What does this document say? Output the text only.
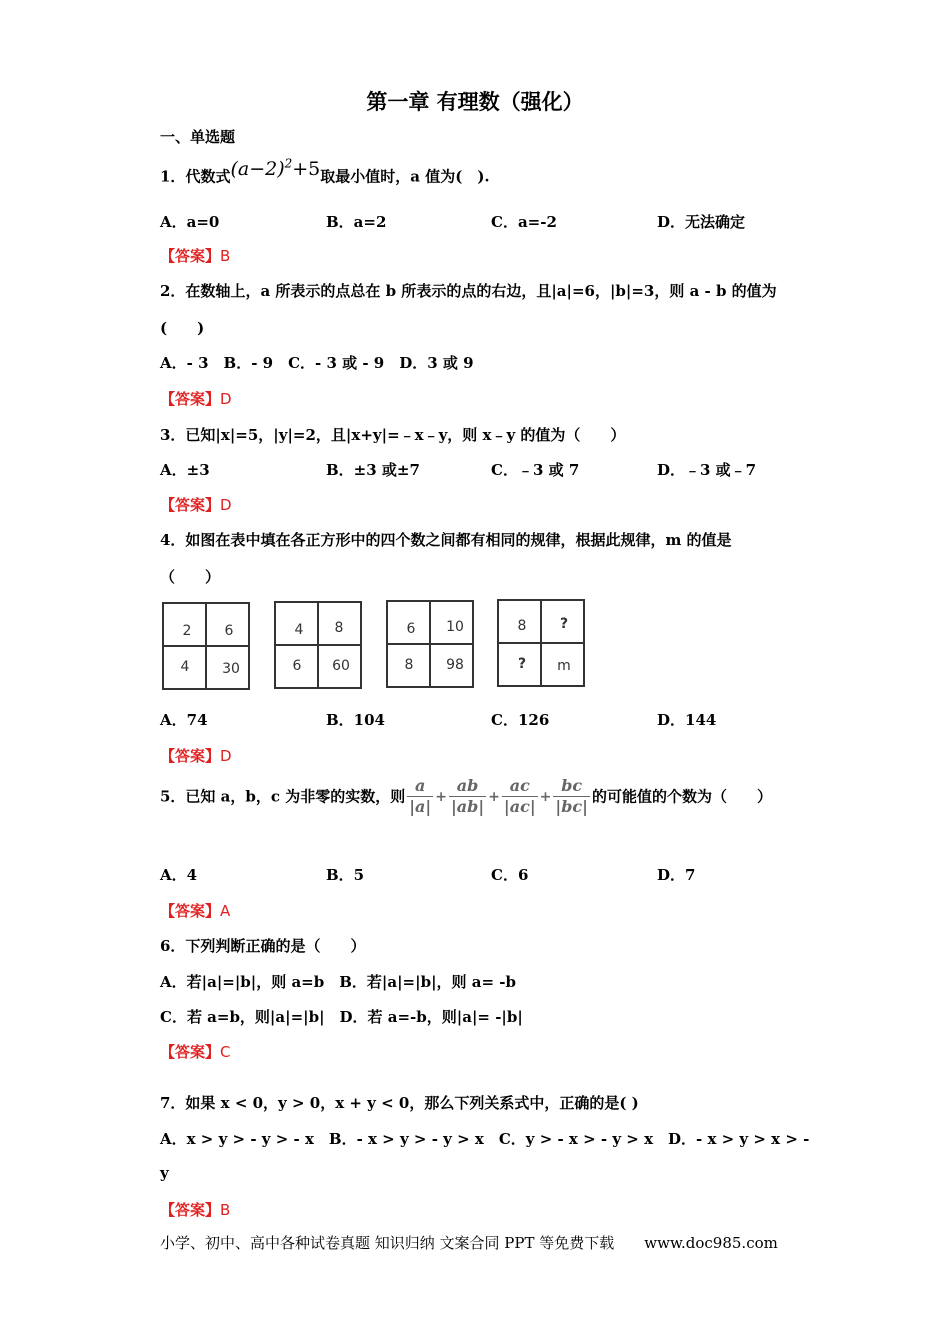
第一章 有理数（强化）
一、单选题
1．代数式$(a-2)^2+5$取最小值时，a 值为(　).
A．a=0	B．a=2	C．a=-2	D．无法确定
【答案】B
2．在数轴上，a 所表示的点总在 b 所表示的点的右边，且|a|=6，|b|=3，则 a - b 的值为
(　　)
A．- 3　B．- 9　C．- 3 或 - 9　D．3 或 9
【答案】D
3．已知|x|=5，|y|=2，且|x+y|=﹣x﹣y，则 x﹣y 的值为（　　）
A．±3	B．±3 或±7	C．﹣3 或 7	D．﹣3 或﹣7
【答案】D
4．如图在表中填在各正方形中的四个数之间都有相同的规律，根据此规律，m 的值是
（　　）
2	6
4	30
4	8
6	60
6	10
8	98
8	?
?	m
A．74	B．104	C．126	D．144
【答案】D
5．已知 a，b，c 为非零的实数，则 $\frac{a}{|a|} + \frac{ab}{|ab|} + \frac{ac}{|ac|} + \frac{bc}{|bc|}$ 的可能值的个数为（　　）
A．4	B．5	C．6	D．7
【答案】A
6．下列判断正确的是（　　）
A．若|a|=|b|，则 a=b　B．若|a|=|b|，则 a= -b
C．若 a=b，则|a|=|b|　D．若 a=-b，则|a|= -|b|
【答案】C
7．如果 x < 0，y > 0，x + y < 0，那么下列关系式中，正确的是( )
A．x > y > - y > - x　B．- x > y > - y > x　C．y > - x > - y > x　D．- x > y > x > -
y
【答案】B
小学、初中、高中各种试卷真题 知识归纳 文案合同 PPT 等免费下载　　www.doc985.com
